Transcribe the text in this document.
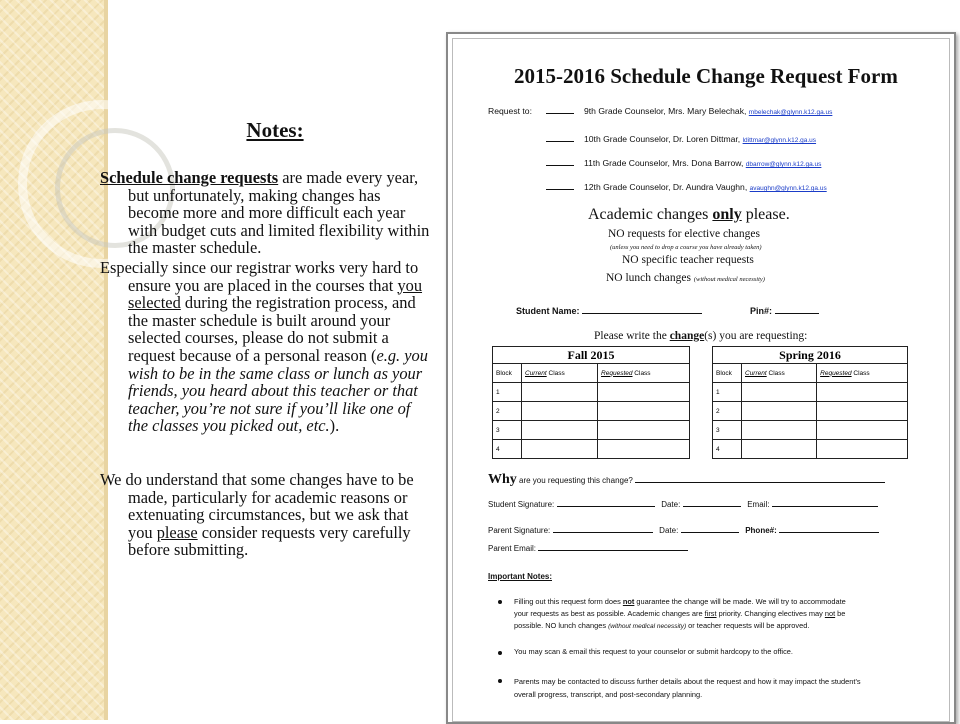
Notes:

Schedule change requests are made every year, but unfortunately, making changes has become more and more difficult each year with budget cuts and limited flexibility within the master schedule.

Especially since our registrar works very hard to ensure you are placed in the courses that you selected during the registration process, and the master schedule is built around your selected courses, please do not submit a request because of a personal reason (e.g. you wish to be in the same class or lunch as your friends, you heard about this teacher or that teacher, you’re not sure if you’ll like one of the classes you picked out, etc.).

We do understand that some changes have to be made, particularly for academic reasons or extenuating circumstances, but we ask that you please consider requests very carefully before submitting.

2015-2016 Schedule Change Request Form
Request to:	9th Grade Counselor, Mrs. Mary Belechak, mbelechak@glynn.k12.ga.us
10th Grade Counselor, Dr. Loren Dittmar, ldittmar@glynn.k12.ga.us
11th Grade Counselor, Mrs. Dona Barrow, dbarrow@glynn.k12.ga.us
12th Grade Counselor, Dr. Aundra Vaughn, avaughn@glynn.k12.ga.us
Academic changes only please.
NO requests for elective changes
(unless you need to drop a course you have already taken)
NO specific teacher requests
NO lunch changes (without medical necessity)
Student Name:	Pin#:
Please write the change(s) you are requesting:
Fall 2015		
Block	Current Class	Requested Class
1		
2		
3		
4		
Spring 2016		
Block	Current Class	Requested Class
1		
2		
3		
4		
Why are you requesting this change?
Student Signature:	Date:	Email:
Parent Signature:	Date:	Phone#:
Parent Email:
Important Notes:
Filling out this request form does not guarantee the change will be made. We will try to accommodate
your requests as best as possible. Academic changes are first priority. Changing electives may not be
possible. NO lunch changes (without medical necessity) or teacher requests will be approved.
You may scan & email this request to your counselor or submit hardcopy to the office.
Parents may be contacted to discuss further details about the request and how it may impact the student’s
overall progress, transcript, and post-secondary planning.
